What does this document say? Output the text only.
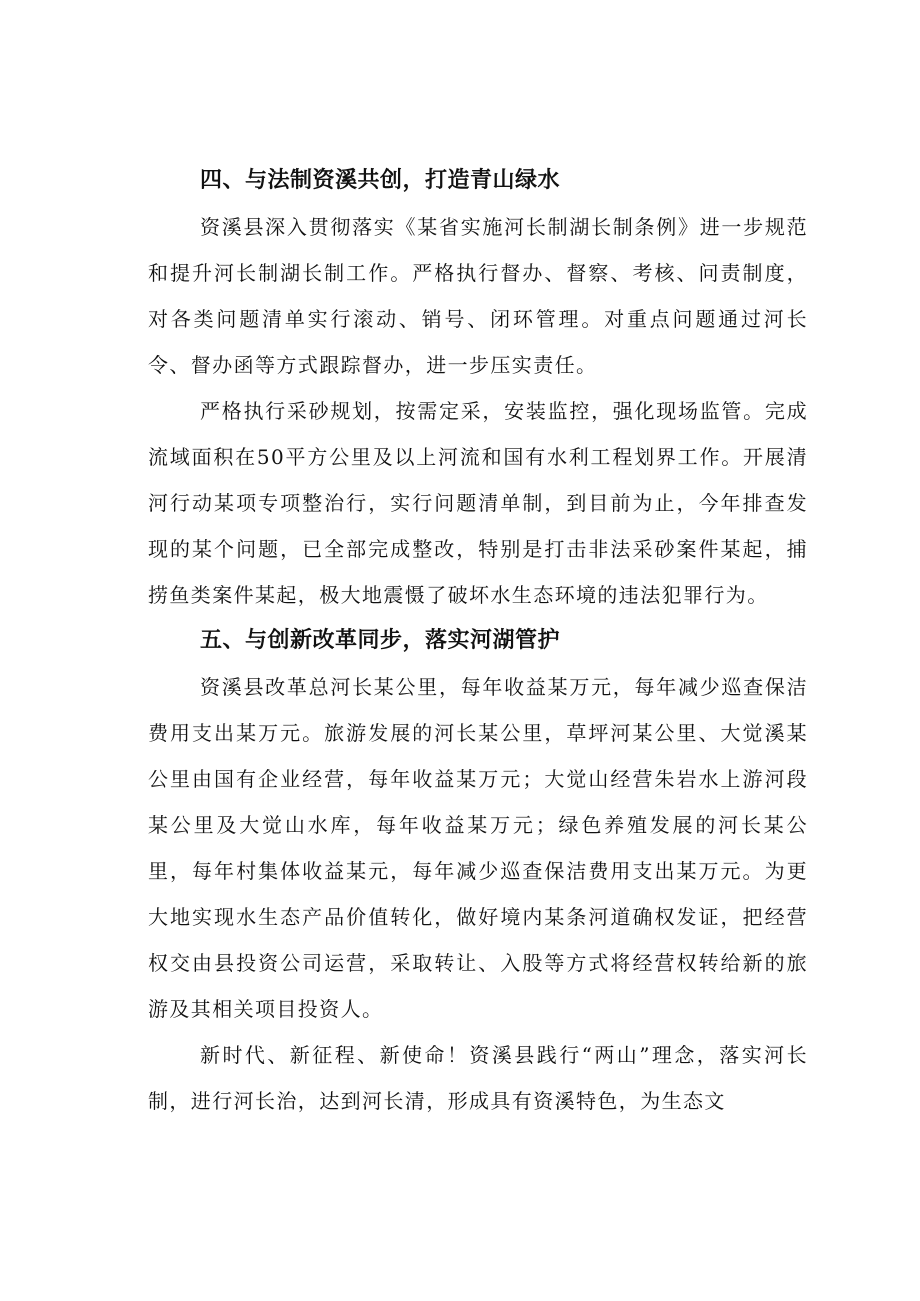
四、与法制资溪共创，打造青山绿水

资溪县深入贯彻落实《某省实施河长制湖长制条例》进一步规范和提升河长制湖长制工作。严格执行督办、督察、考核、问责制度，对各类问题清单实行滚动、销号、闭环管理。对重点问题通过河长令、督办函等方式跟踪督办，进一步压实责任。

严格执行采砂规划，按需定采，安装监控，强化现场监管。完成流域面积在50平方公里及以上河流和国有水利工程划界工作。开展清河行动某项专项整治行，实行问题清单制，到目前为止，今年排查发现的某个问题，已全部完成整改，特别是打击非法采砂案件某起，捕捞鱼类案件某起，极大地震慑了破坏水生态环境的违法犯罪行为。

五、与创新改革同步，落实河湖管护

资溪县改革总河长某公里，每年收益某万元，每年减少巡查保洁费用支出某万元。旅游发展的河长某公里，草坪河某公里、大觉溪某公里由国有企业经营，每年收益某万元；大觉山经营朱岩水上游河段某公里及大觉山水库，每年收益某万元；绿色养殖发展的河长某公里，每年村集体收益某元，每年减少巡查保洁费用支出某万元。为更大地实现水生态产品价值转化，做好境内某条河道确权发证，把经营权交由县投资公司运营，采取转让、入股等方式将经营权转给新的旅游及其相关项目投资人。

新时代、新征程、新使命！资溪县践行“两山”理念，落实河长制，进行河长治，达到河长清，形成具有资溪特色，为生态文
